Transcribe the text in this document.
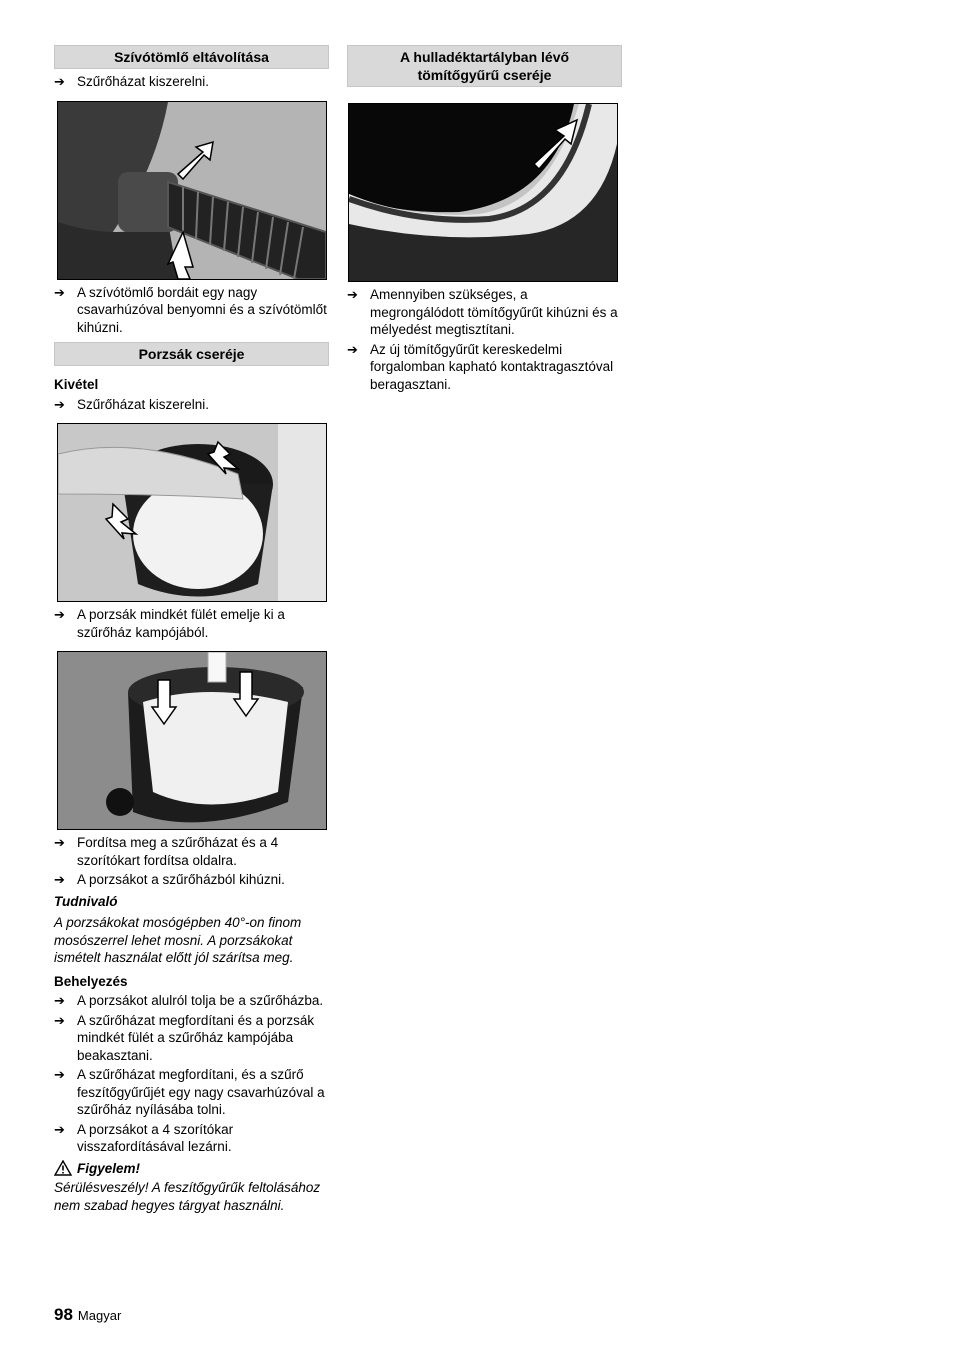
Szívótömlő eltávolítása
➔ Szűrőházat kiszerelni.
➔ A szívótömlő bordáit egy nagy csavarhúzóval benyomni és a szívótömlőt kihúzni.
Porzsák cseréje
Kivétel
➔ Szűrőházat kiszerelni.
➔ A porzsák mindkét fülét emelje ki a szűrőház kampójából.
➔ Fordítsa meg a szűrőházat és a 4 szorítókart fordítsa oldalra.
➔ A porzsákot a szűrőházból kihúzni.
Tudnivaló
A porzsákokat mosógépben 40°-on finom mosószerrel lehet mosni. A porzsákokat ismételt használat előtt jól szárítsa meg.
Behelyezés
➔ A porzsákot alulról tolja be a szűrőházba.
➔ A szűrőházat megfordítani és a porzsák mindkét fülét a szűrőház kampójába beakasztani.
➔ A szűrőházat megfordítani, és a szűrő feszítőgyűrűjét egy nagy csavarhúzóval a szűrőház nyílásába tolni.
➔ A porzsákot a 4 szorítókar visszafordításával lezárni.
Figyelem!
Sérülésveszély! A feszítőgyűrűk feltolásához nem szabad hegyes tárgyat használni.
A hulladéktartályban lévő tömítőgyűrű cseréje
➔ Amennyiben szükséges, a megrongálódott tömítőgyűrűt kihúzni és a mélyedést megtisztítani.
➔ Az új tömítőgyűrűt kereskedelmi forgalomban kapható kontaktragasztóval beragasztani.
98 Magyar
